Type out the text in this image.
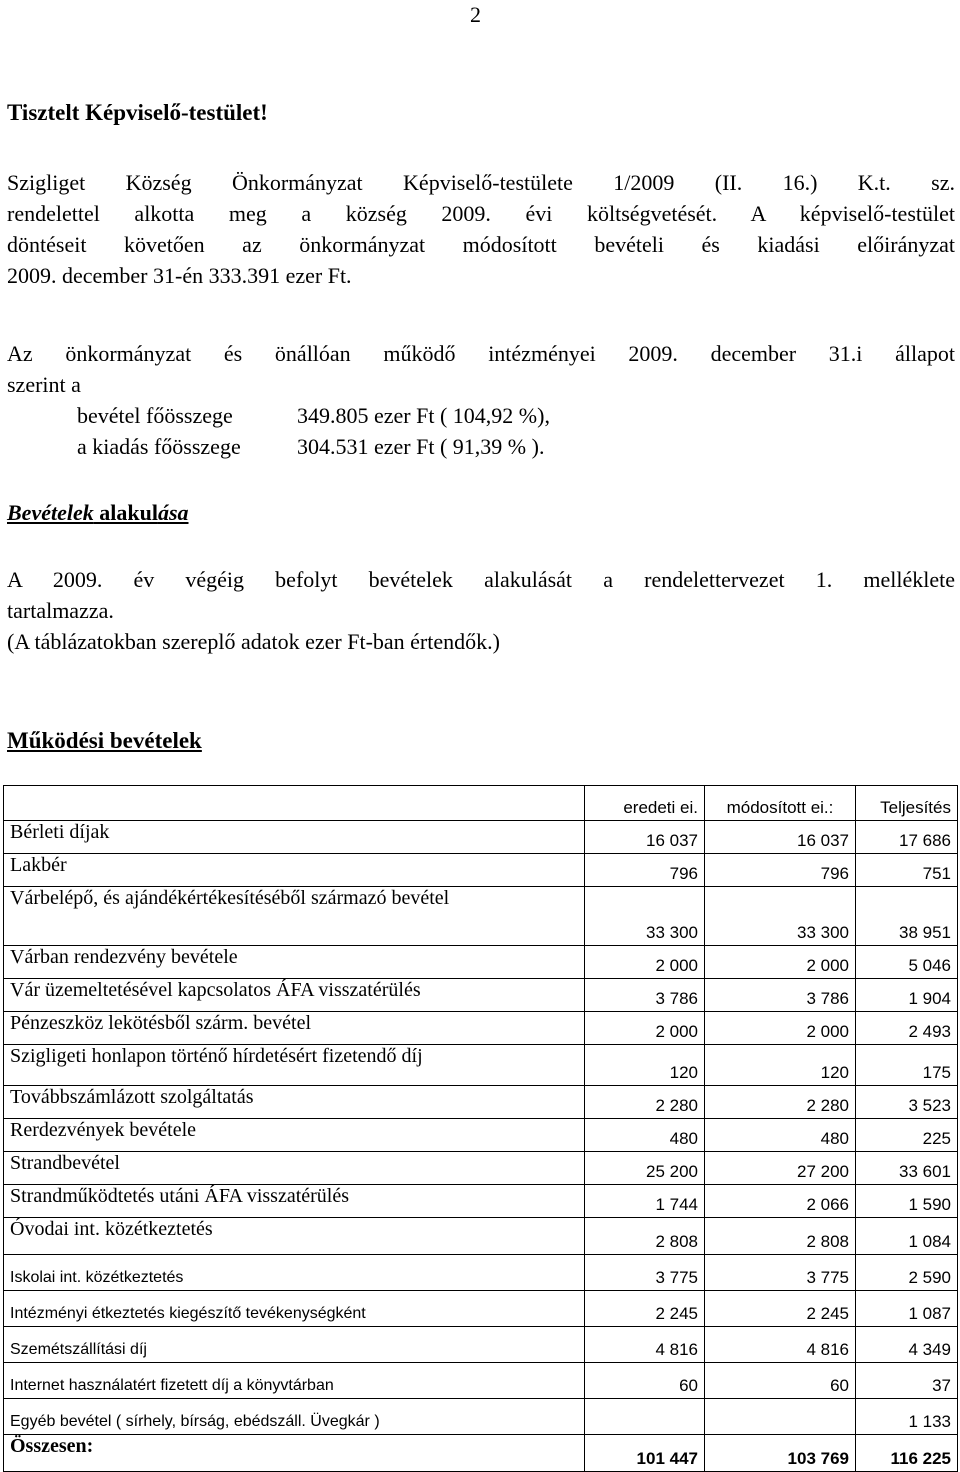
2
Tisztelt Képviselő-testület!
Szigliget Község Önkormányzat Képviselő-testülete 1/2009 (II. 16.) K.t. sz.
rendelettel alkotta meg a község 2009. évi költségvetését. A képviselő-testület
döntéseit követően az önkormányzat módosított bevételi és kiadási előirányzat
2009. december 31-én 333.391 ezer Ft.
Az önkormányzat és önállóan működő intézményei 2009. december 31.i állapot
szerint a
bevétel főösszege	349.805 ezer Ft ( 104,92 %),
a kiadás főösszege	304.531 ezer Ft ( 91,39 % ).
Bevételek alakulása
A 2009. év végéig befolyt bevételek alakulását a rendelettervezet 1. melléklete
tartalmazza.
(A táblázatokban szereplő adatok ezer Ft-ban értendők.)
Működési bevételek
	eredeti ei.	módosított ei.:	Teljesítés
Bérleti díjak	16 037	16 037	17 686
Lakbér	796	796	751
Várbelépő, és ajándékértékesítéséből származó bevétel	33 300	33 300	38 951
Várban rendezvény bevétele	2 000	2 000	5 046
Vár üzemeltetésével kapcsolatos ÁFA visszatérülés	3 786	3 786	1 904
Pénzeszköz lekötésből szárm. bevétel	2 000	2 000	2 493
Szigligeti honlapon történő hírdetésért fizetendő díj	120	120	175
Továbbszámlázott szolgáltatás	2 280	2 280	3 523
Rerdezvények bevétele	480	480	225
Strandbevétel	25 200	27 200	33 601
Strandműködtetés utáni ÁFA visszatérülés	1 744	2 066	1 590
Óvodai int. közétkeztetés	2 808	2 808	1 084
Iskolai int. közétkeztetés	3 775	3 775	2 590
Intézményi étkeztetés kiegészítő tevékenységként	2 245	2 245	1 087
Szemétszállítási díj	4 816	4 816	4 349
Internet használatért fizetett díj a könyvtárban	60	60	37
Egyéb bevétel ( sírhely, bírság, ebédszáll. Üvegkár )			1 133
Összesen:	101 447	103 769	116 225
